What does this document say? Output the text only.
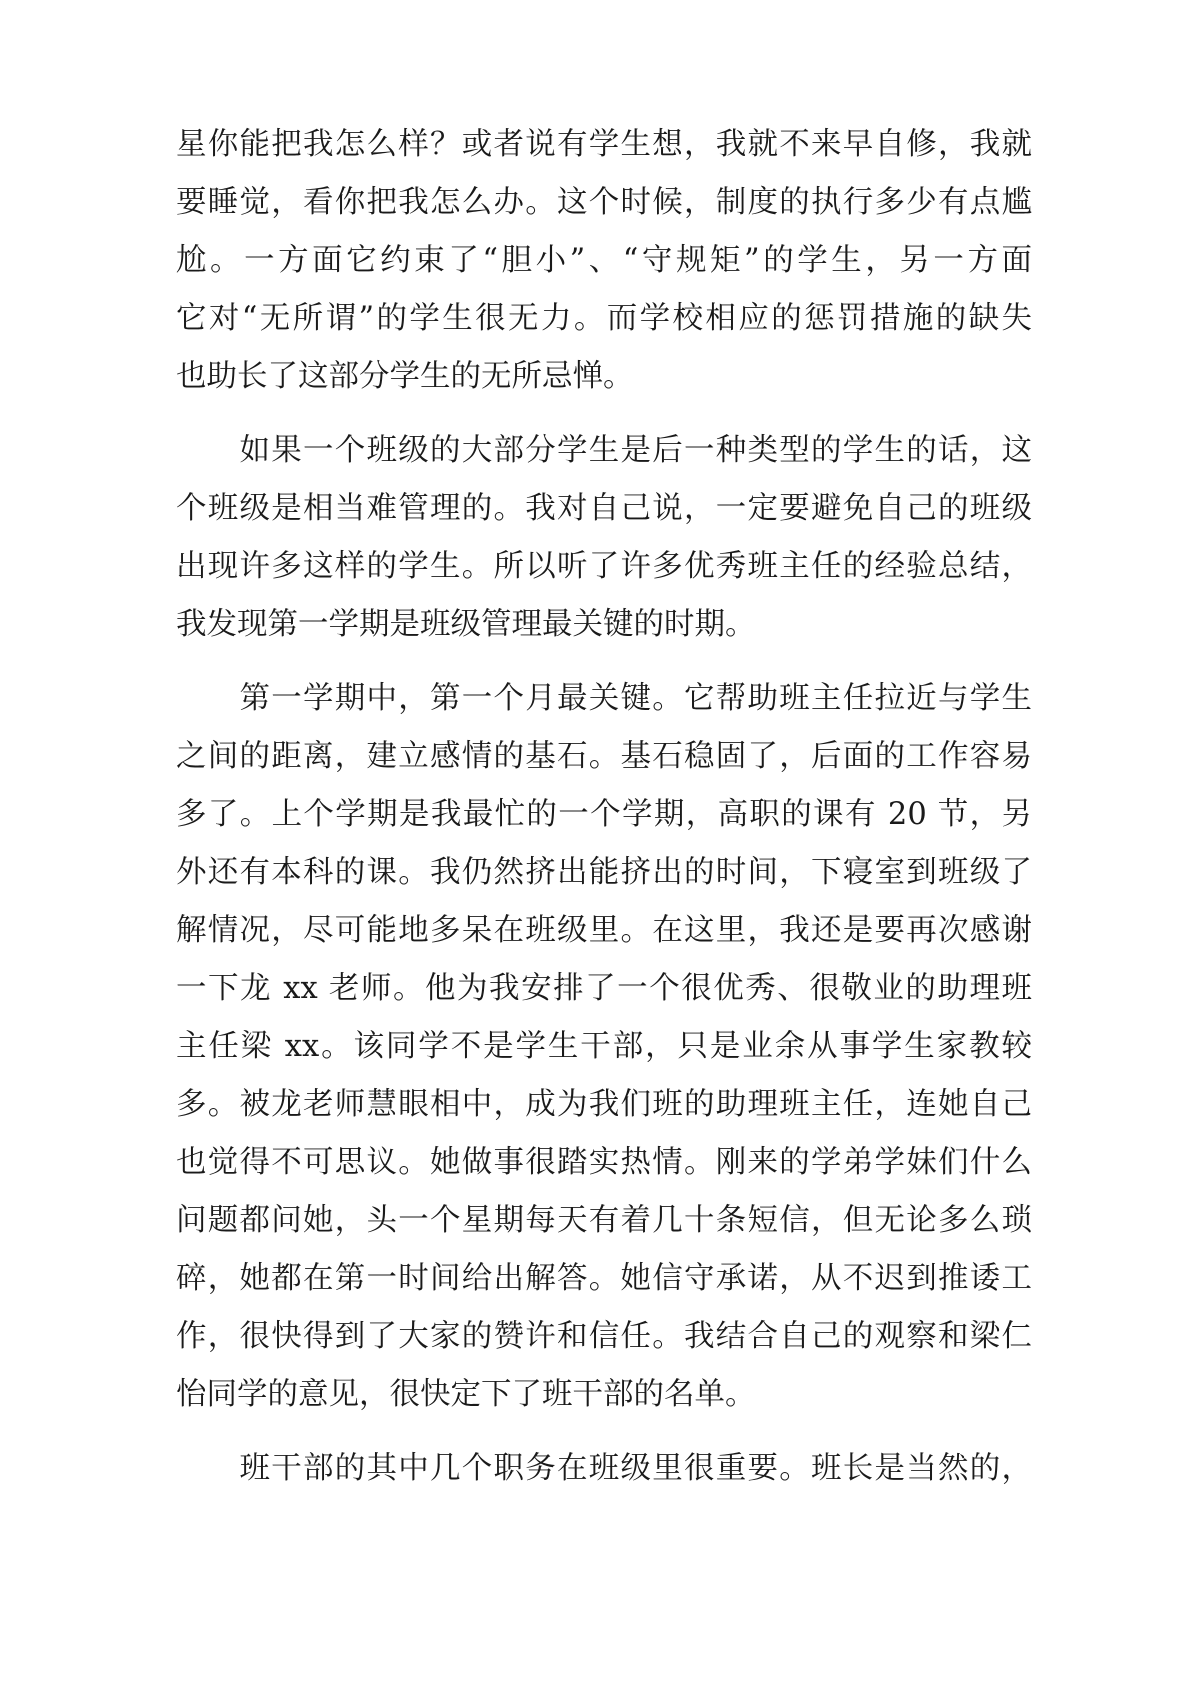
星你能把我怎么样？或者说有学生想，我就不来早自修，我就
要睡觉，看你把我怎么办。这个时候，制度的执行多少有点尴
尬。一方面它约束了“胆小”、“守规矩”的学生，另一方面
它对“无所谓”的学生很无力。而学校相应的惩罚措施的缺失
也助长了这部分学生的无所忌惮。
　　如果一个班级的大部分学生是后一种类型的学生的话，这
个班级是相当难管理的。我对自己说，一定要避免自己的班级
出现许多这样的学生。所以听了许多优秀班主任的经验总结，
我发现第一学期是班级管理最关键的时期。
　　第一学期中，第一个月最关键。它帮助班主任拉近与学生
之间的距离，建立感情的基石。基石稳固了，后面的工作容易
多了。上个学期是我最忙的一个学期，高职的课有 20 节，另
外还有本科的课。我仍然挤出能挤出的时间，下寝室到班级了
解情况，尽可能地多呆在班级里。在这里，我还是要再次感谢
一下龙 xx 老师。他为我安排了一个很优秀、很敬业的助理班
主任梁 xx。该同学不是学生干部，只是业余从事学生家教较
多。被龙老师慧眼相中，成为我们班的助理班主任，连她自己
也觉得不可思议。她做事很踏实热情。刚来的学弟学妹们什么
问题都问她，头一个星期每天有着几十条短信，但无论多么琐
碎，她都在第一时间给出解答。她信守承诺，从不迟到推诿工
作，很快得到了大家的赞许和信任。我结合自己的观察和梁仁
怡同学的意见，很快定下了班干部的名单。
　　班干部的其中几个职务在班级里很重要。班长是当然的，
